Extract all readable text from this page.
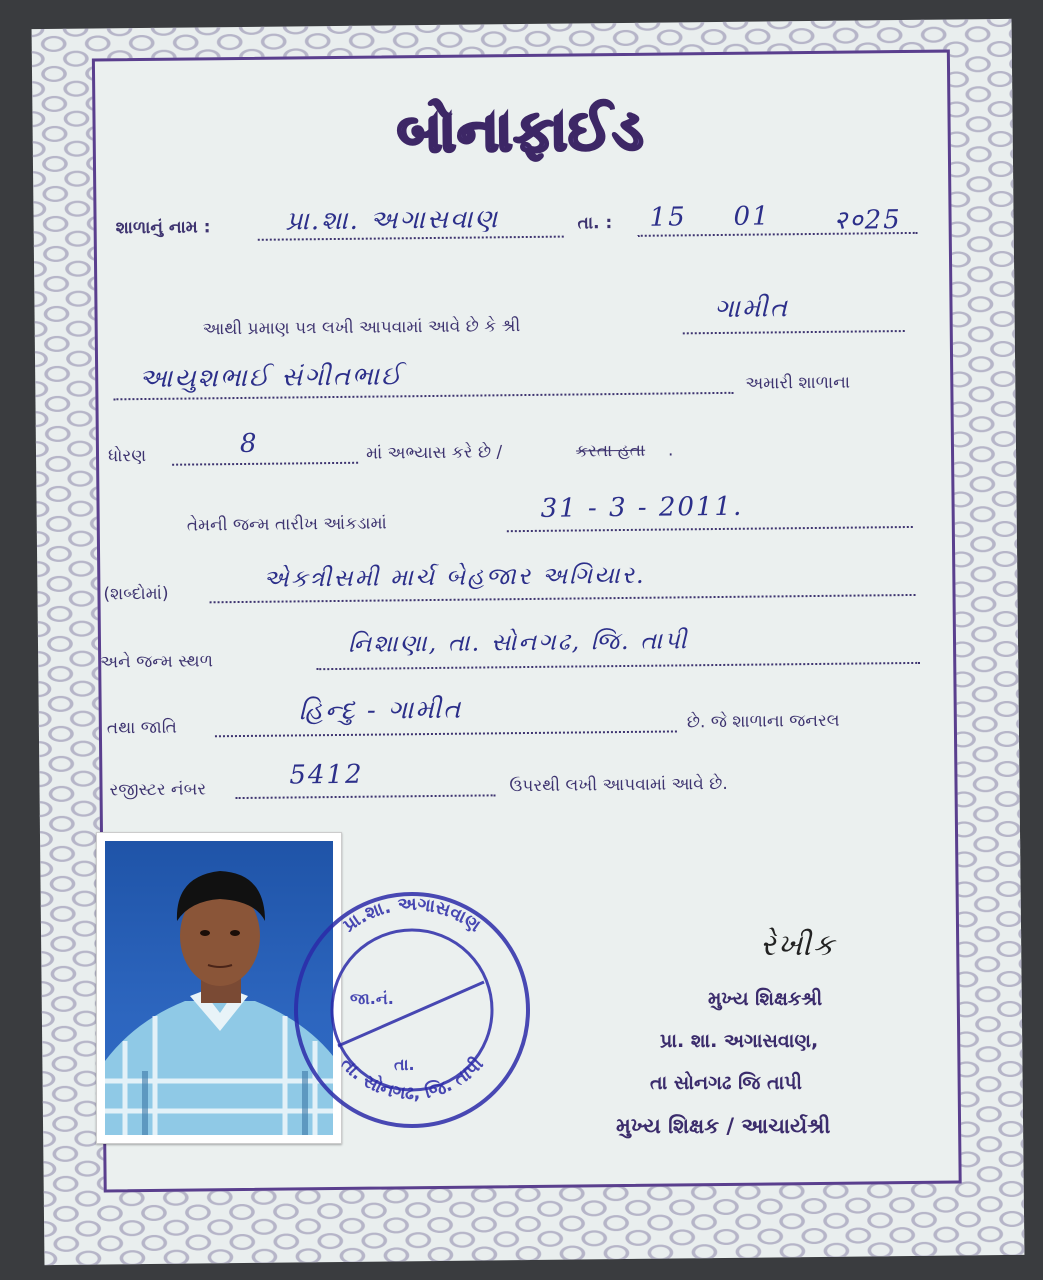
બોનાફાઈડ
શાળાનું નામ :	પ્રા.શા. અગાસવાણ	તા. : 15 01 २०25
આથી પ્રમાણ પત્ર લખી આપવામાં આવે છે કે શ્રી
ગામીત
આયુશભાઈ સંગીતભાઈ	અમારી શાળાના
ધોરણ	8	માં અભ્યાસ કરે છે /	કરતા હતા .
તેમની જન્મ તારીખ આંકડામાં
31 - 3 - 2011.
(શબ્દોમાં)
એકત્રીસમી માર્ચ બેહજાર અગિયાર.
અને જન્મ સ્થળ
નિશાણા, તા. સોનગઢ, જિ. તાપી
તથા જાતિ
હિન્દુ - ગામીત	છે. જે શાળાના જનરલ
રજીસ્ટર નંબર	5412	ઉપરથી લખી આપવામાં આવે છે.
પ્રા.શા. અગાસવાણ
તા. સોનગઢ, જિ. તાપી
જા.નં.
તા.
રેખીક
મુખ્ય શિક્ષકશ્રી
પ્રા. શા. અગાસવાણ,
તા સોનગઢ જિ તાપી
મુખ્ય શિક્ષક / આચાર્યશ્રી
